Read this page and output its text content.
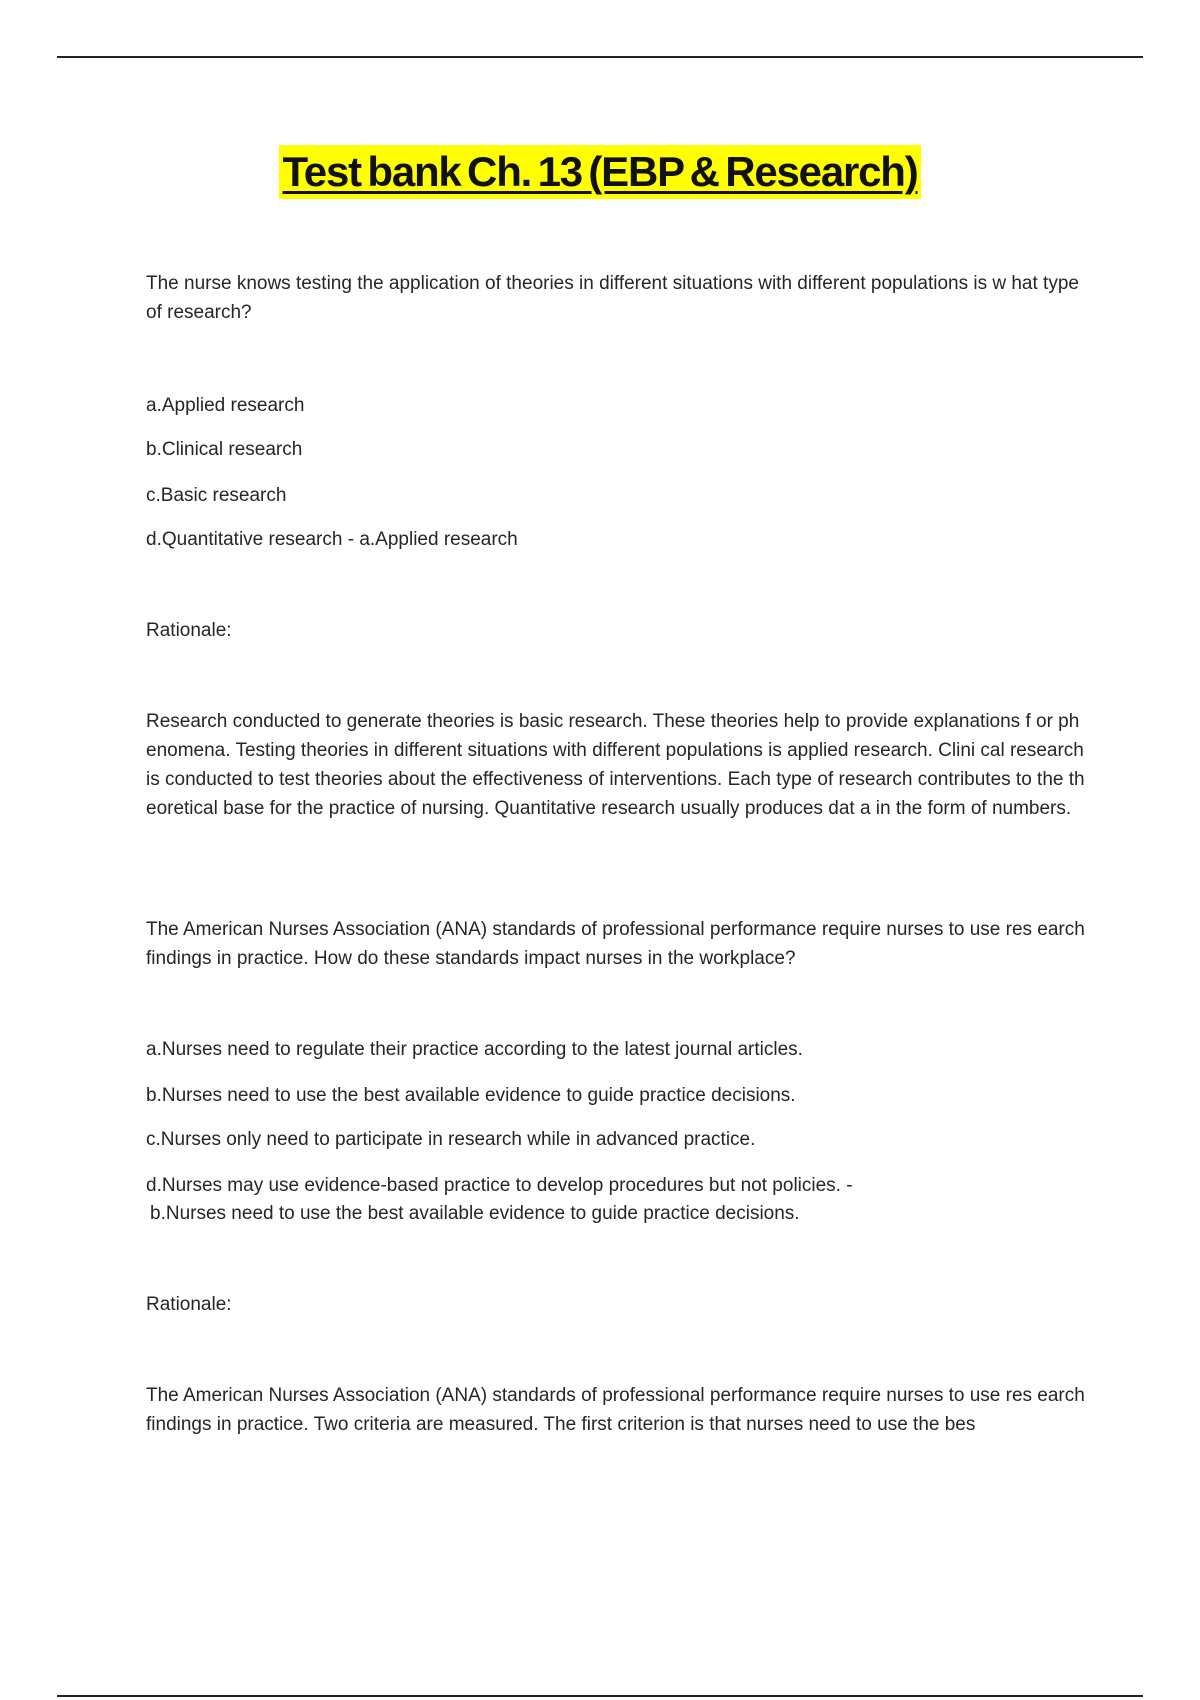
Test bank Ch. 13 (EBP & Research)

The nurse knows testing the application of theories in different situations with different populations is w hat type of research?

a.Applied research

b.Clinical research

c.Basic research

d.Quantitative research - a.Applied research

Rationale:

Research conducted to generate theories is basic research. These theories help to provide explanations f or phenomena. Testing theories in different situations with different populations is applied research. Clini cal research is conducted to test theories about the effectiveness of interventions. Each type of research contributes to the theoretical base for the practice of nursing. Quantitative research usually produces dat a in the form of numbers.

The American Nurses Association (ANA) standards of professional performance require nurses to use res earch findings in practice. How do these standards impact nurses in the workplace?

a.Nurses need to regulate their practice according to the latest journal articles.

b.Nurses need to use the best available evidence to guide practice decisions.

c.Nurses only need to participate in research while in advanced practice.

d.Nurses may use evidence-based practice to develop procedures but not policies. -

b.Nurses need to use the best available evidence to guide practice decisions.

Rationale:

The American Nurses Association (ANA) standards of professional performance require nurses to use res earch findings in practice. Two criteria are measured. The first criterion is that nurses need to use the bes
